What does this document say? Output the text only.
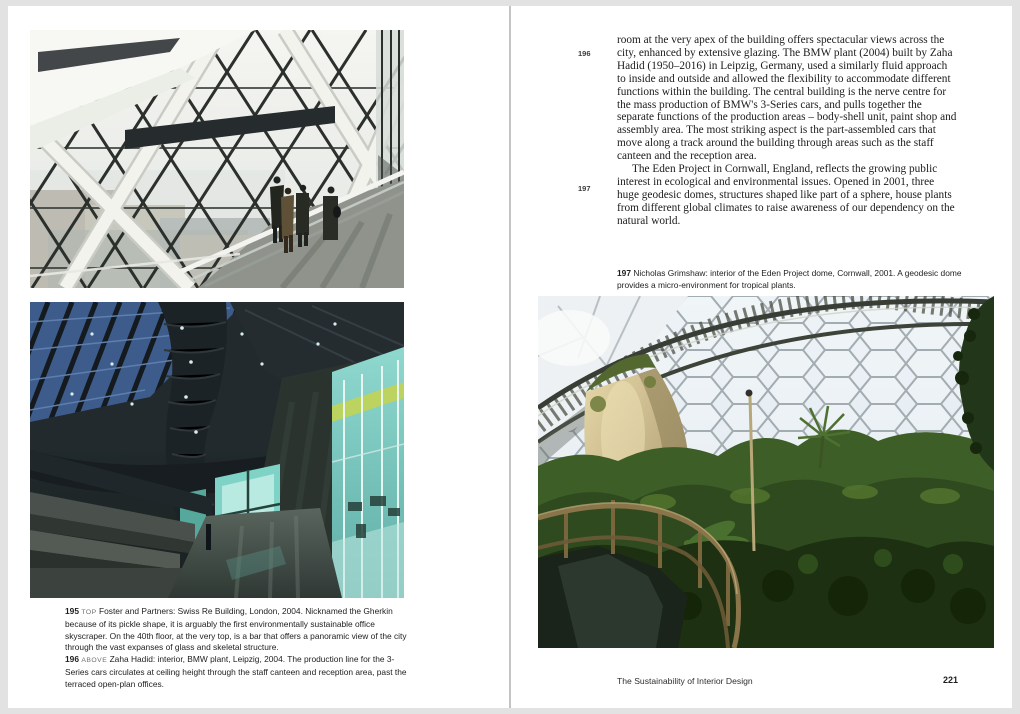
195 TOP Foster and Partners: Swiss Re Building, London, 2004. Nicknamed the Gherkin because of its pickle shape, it is arguably the first environmentally sustainable office skyscraper. On the 40th floor, at the very top, is a bar that offers a panoramic view of the city through the vast expanses of glass and skeletal structure.

196 ABOVE Zaha Hadid: interior, BMW plant, Leipzig, 2004. The production line for the 3-Series cars circulates at ceiling height through the staff canteen and reception area, past the terraced open-plan offices.

196
197

room at the very apex of the building offers spectacular views across the city, enhanced by extensive glazing. The BMW plant (2004) built by Zaha Hadid (1950–2016) in Leipzig, Germany, used a similarly fluid approach to inside and outside and allowed the flexibility to accommodate different functions within the building. The central building is the nerve centre for the mass production of BMW's 3-Series cars, and pulls together the separate functions of the production areas – body-shell unit, paint shop and assembly area. The most striking aspect is the part-assembled cars that move along a track around the building through areas such as the staff canteen and the reception area.

The Eden Project in Cornwall, England, reflects the growing public interest in ecological and environmental issues. Opened in 2001, three huge geodesic domes, structures shaped like part of a sphere, house plants from different global climates to raise awareness of our dependency on the natural world.

197 Nicholas Grimshaw: interior of the Eden Project dome, Cornwall, 2001. A geodesic dome provides a micro-environment for tropical plants.
The Sustainability of Interior Design	221
